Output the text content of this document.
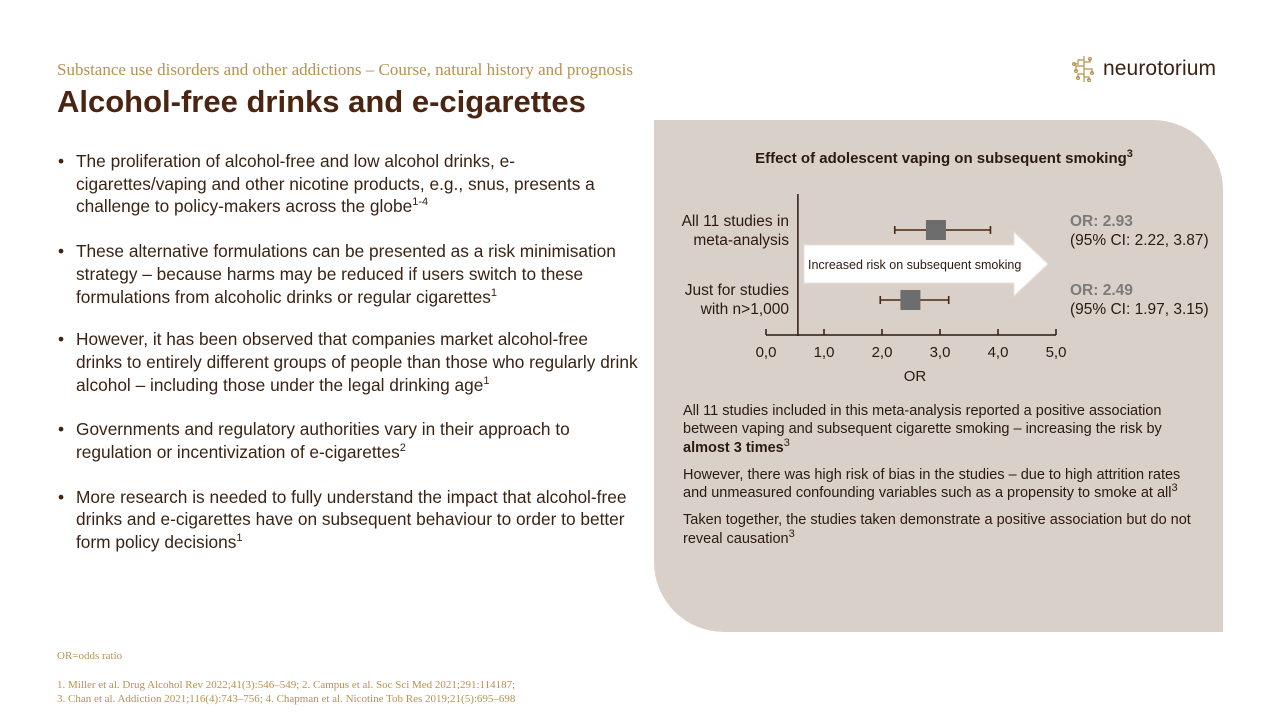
Substance use disorders and other addictions – Course, natural history and prognosis
Alcohol-free drinks and e-cigarettes
neurotorium
• The proliferation of alcohol-free and low alcohol drinks, e-cigarettes/vaping and other nicotine products, e.g., snus, presents a challenge to policy-makers across the globe$^{1-4}$
• These alternative formulations can be presented as a risk minimisation strategy – because harms may be reduced if users switch to these formulations from alcoholic drinks or regular cigarettes$^1$
• However, it has been observed that companies market alcohol-free drinks to entirely different groups of people than those who regularly drink alcohol – including those under the legal drinking age$^1$
• Governments and regulatory authorities vary in their approach to regulation or incentivization of e-cigarettes$^2$
• More research is needed to fully understand the impact that alcohol-free drinks and e-cigarettes have on subsequent behaviour to order to better form policy decisions$^1$
Effect of adolescent vaping on subsequent smoking$^3$
All 11 studies in
meta-analysis
Just for studies
with n>1,000
OR: 2.93
(95% CI: 2.22, 3.87)
OR: 2.49
(95% CI: 1.97, 3.15)
Increased risk on subsequent smoking
0,0 1,0 2,0 3,0 4,0 5,0
OR

All 11 studies included in this meta-analysis reported a positive association between vaping and subsequent cigarette smoking – increasing the risk by almost 3 times$^3$

However, there was high risk of bias in the studies – due to high attrition rates and unmeasured confounding variables such as a propensity to smoke at all$^3$

Taken together, the studies taken demonstrate a positive association but do not reveal causation$^3$

OR=odds ratio
1. Miller et al. Drug Alcohol Rev 2022;41(3):546–549; 2. Campus et al. Soc Sci Med 2021;291:114187;
3. Chan et al. Addiction 2021;116(4):743–756; 4. Chapman et al. Nicotine Tob Res 2019;21(5):695–698
